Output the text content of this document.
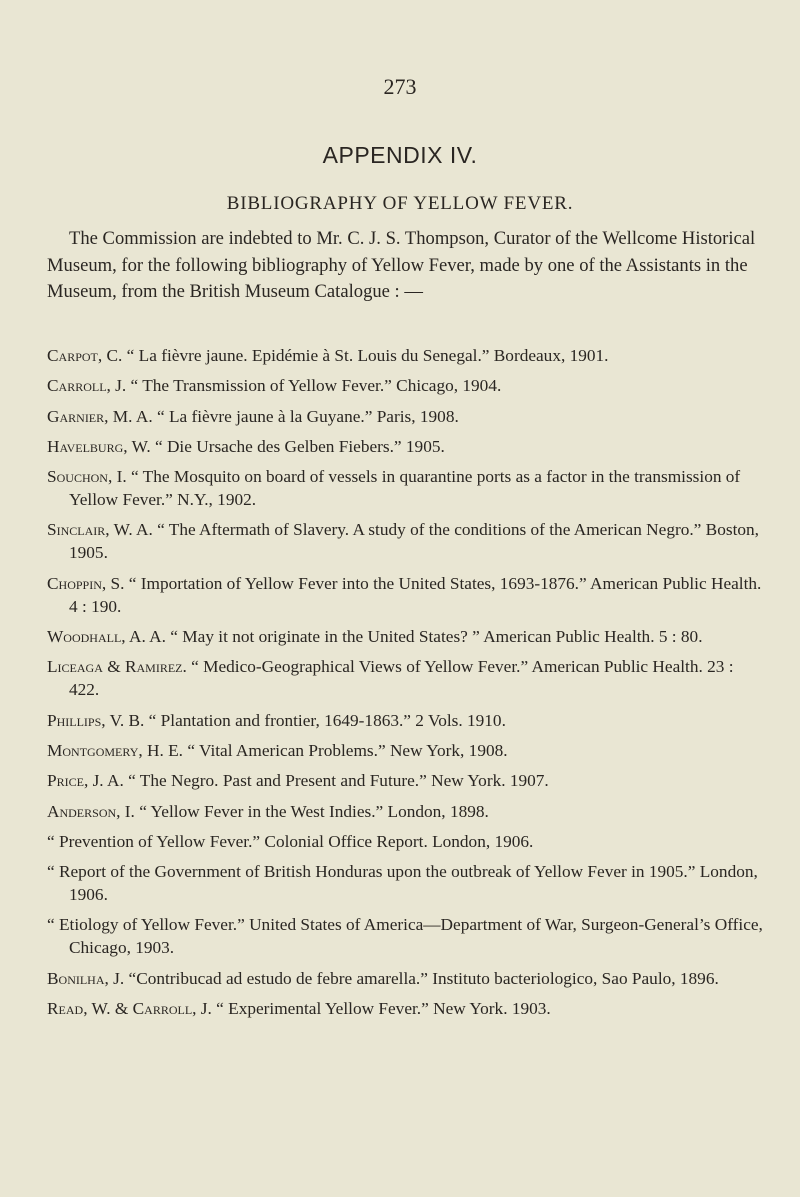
273
APPENDIX IV.
BIBLIOGRAPHY OF YELLOW FEVER.

The Commission are indebted to Mr. C. J. S. Thompson, Curator of the Wellcome Historical Museum, for the following bibliography of Yellow Fever, made by one of the Assistants in the Museum, from the British Museum Catalogue : —

Carpot, C. “ La fièvre jaune. Epidémie à St. Louis du Senegal.” Bordeaux, 1901.

Carroll, J. “ The Transmission of Yellow Fever.” Chicago, 1904.

Garnier, M. A. “ La fièvre jaune à la Guyane.” Paris, 1908.

Havelburg, W. “ Die Ursache des Gelben Fiebers.” 1905.

Souchon, I. “ The Mosquito on board of vessels in quarantine ports as a factor in the transmission of Yellow Fever.” N.Y., 1902.

Sinclair, W. A. “ The Aftermath of Slavery. A study of the conditions of the American Negro.” Boston, 1905.

Choppin, S. “ Importation of Yellow Fever into the United States, 1693-1876.” American Public Health. 4 : 190.

Woodhall, A. A. “ May it not originate in the United States? ” American Public Health. 5 : 80.

Liceaga & Ramirez. “ Medico-Geographical Views of Yellow Fever.” American Public Health. 23 : 422.

Phillips, V. B. “ Plantation and frontier, 1649-1863.” 2 Vols. 1910.

Montgomery, H. E. “ Vital American Problems.” New York, 1908.

Price, J. A. “ The Negro. Past and Present and Future.” New York. 1907.

Anderson, I. “ Yellow Fever in the West Indies.” London, 1898.

“ Prevention of Yellow Fever.” Colonial Office Report. London, 1906.

“ Report of the Government of British Honduras upon the outbreak of Yellow Fever in 1905.” London, 1906.

“ Etiology of Yellow Fever.” United States of America—Department of War, Surgeon-General’s Office, Chicago, 1903.

Bonilha, J. “Contribucad ad estudo de febre amarella.” Instituto bacteriologico, Sao Paulo, 1896.

Read, W. & Carroll, J. “ Experimental Yellow Fever.” New York. 1903.
